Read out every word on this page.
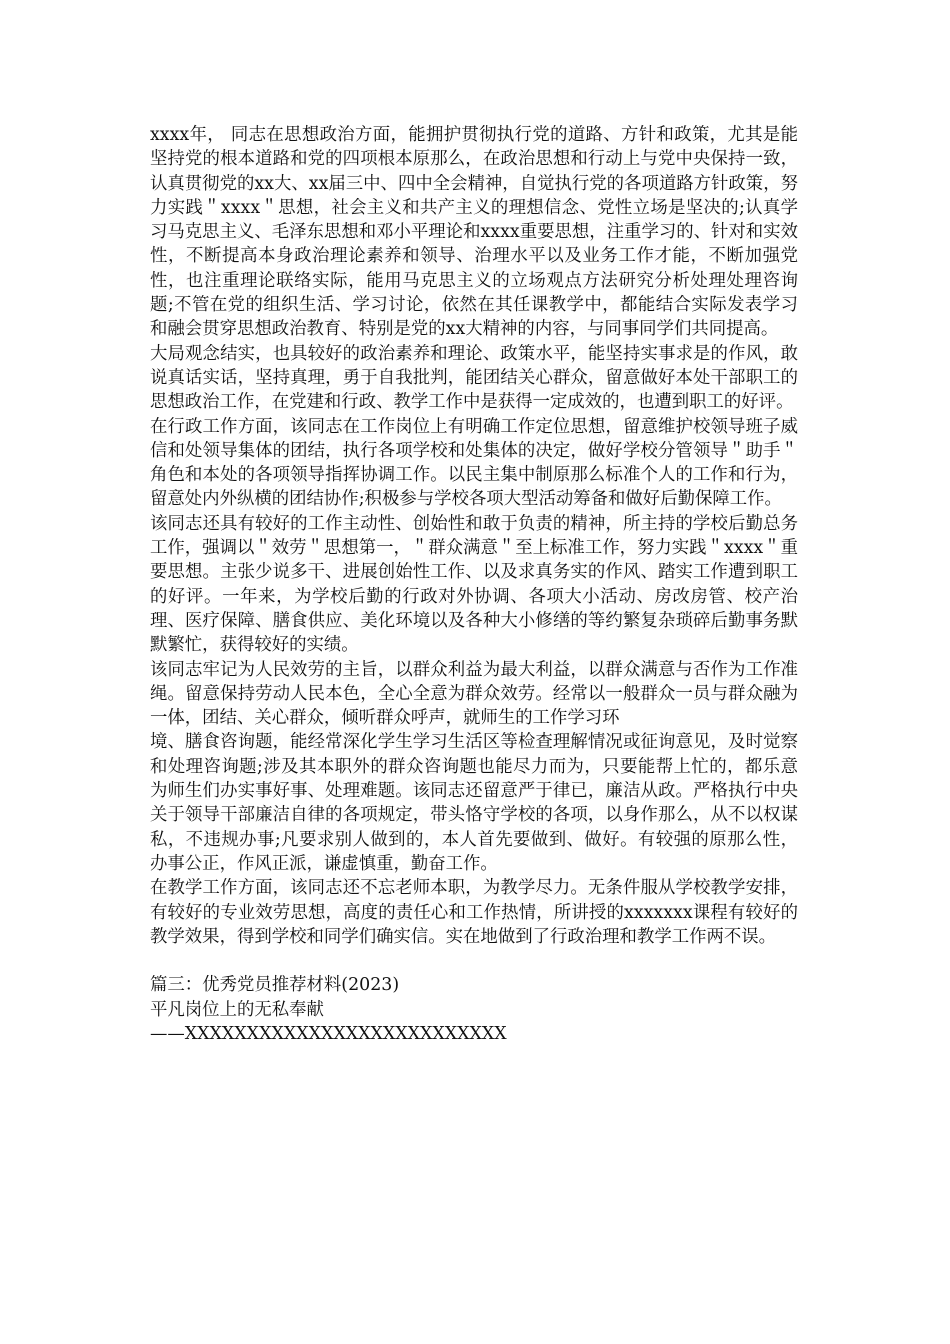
xxxx年， 同志在思想政治方面，能拥护贯彻执行党的道路、方针和政策，尤其是能坚持党的根本道路和党的四项根本原那么，在政治思想和行动上与党中央保持一致，认真贯彻党的xx大、xx届三中、四中全会精神，自觉执行党的各项道路方针政策，努力实践＂xxxx＂思想，社会主义和共产主义的理想信念、党性立场是坚决的;认真学习马克思主义、毛泽东思想和邓小平理论和xxxx重要思想，注重学习的、针对和实效性，不断提高本身政治理论素养和领导、治理水平以及业务工作才能，不断加强党性，也注重理论联络实际，能用马克思主义的立场观点方法研究分析处理处理咨询题;不管在党的组织生活、学习讨论，依然在其任课教学中，都能结合实际发表学习和融会贯穿思想政治教育、特别是党的xx大精神的内容，与同事同学们共同提高。

大局观念结实，也具较好的政治素养和理论、政策水平，能坚持实事求是的作风，敢说真话实话，坚持真理，勇于自我批判，能团结关心群众，留意做好本处干部职工的思想政治工作，在党建和行政、教学工作中是获得一定成效的，也遭到职工的好评。

在行政工作方面，该同志在工作岗位上有明确工作定位思想，留意维护校领导班子威信和处领导集体的团结，执行各项学校和处集体的决定，做好学校分管领导＂助手＂角色和本处的各项领导指挥协调工作。以民主集中制原那么标准个人的工作和行为，留意处内外纵横的团结协作;积极参与学校各项大型活动筹备和做好后勤保障工作。

该同志还具有较好的工作主动性、创始性和敢于负责的精神，所主持的学校后勤总务工作，强调以＂效劳＂思想第一，＂群众满意＂至上标准工作，努力实践＂xxxx＂重要思想。主张少说多干、进展创始性工作、以及求真务实的作风、踏实工作遭到职工的好评。一年来，为学校后勤的行政对外协调、各项大小活动、房改房管、校产治理、医疗保障、膳食供应、美化环境以及各种大小修缮的等约繁复杂琐碎后勤事务默默繁忙，获得较好的实绩。

该同志牢记为人民效劳的主旨，以群众利益为最大利益，以群众满意与否作为工作准绳。留意保持劳动人民本色，全心全意为群众效劳。经常以一般群众一员与群众融为一体，团结、关心群众，倾听群众呼声，就师生的工作学习环

境、膳食咨询题，能经常深化学生学习生活区等检查理解情况或征询意见，及时觉察和处理咨询题;涉及其本职外的群众咨询题也能尽力而为，只要能帮上忙的，都乐意为师生们办实事好事、处理难题。该同志还留意严于律已，廉洁从政。严格执行中央关于领导干部廉洁自律的各项规定，带头恪守学校的各项，以身作那么，从不以权谋私，不违规办事;凡要求别人做到的，本人首先要做到、做好。有较强的原那么性，办事公正，作风正派，谦虚慎重，勤奋工作。

在教学工作方面，该同志还不忘老师本职，为教学尽力。无条件服从学校教学安排，有较好的专业效劳思想，高度的责任心和工作热情，所讲授的xxxxxxx课程有较好的教学效果，得到学校和同学们确实信。实在地做到了行政治理和教学工作两不误。

篇三：优秀党员推荐材料(2023)

平凡岗位上的无私奉献

——XXXXXXXXXXXXXXXXXXXXXXXXXX
